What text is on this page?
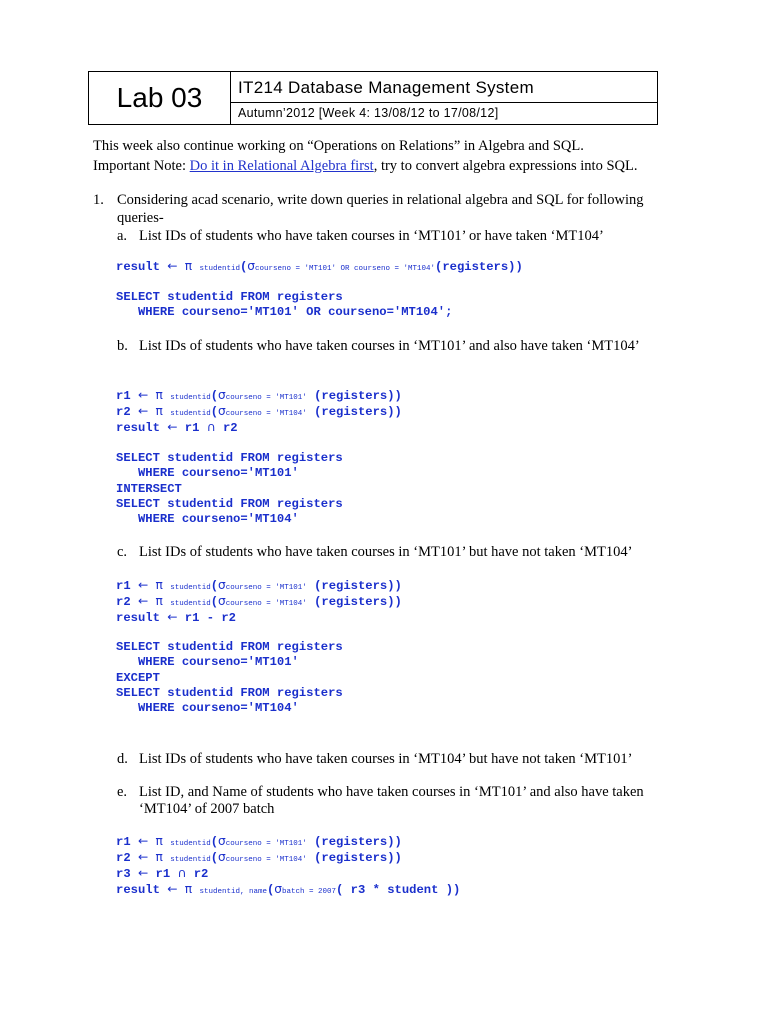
Lab 03	IT214 Database Management System
Autumn’2012 [Week 4: 13/08/12 to 17/08/12]
This week also continue working on “Operations on Relations” in Algebra and SQL.
Important Note: Do it in Relational Algebra first, try to convert algebra expressions into SQL.
1. Considering acad scenario, write down queries in relational algebra and SQL for following
queries-
a. List IDs of students who have taken courses in ‘MT101’ or have taken ‘MT104’
result ← π studentid(σcourseno = 'MT101' OR courseno = 'MT104'(registers))
SELECT studentid FROM registers
WHERE courseno='MT101' OR courseno='MT104';
b. List IDs of students who have taken courses in ‘MT101’ and also have taken ‘MT104’
r1 ← π studentid(σcourseno = 'MT101' (registers))
r2 ← π studentid(σcourseno = 'MT104' (registers))
result ← r1 ∩ r2
SELECT studentid FROM registers
WHERE courseno='MT101'
INTERSECT
SELECT studentid FROM registers
WHERE courseno='MT104'
c. List IDs of students who have taken courses in ‘MT101’ but have not taken ‘MT104’
r1 ← π studentid(σcourseno = 'MT101' (registers))
r2 ← π studentid(σcourseno = 'MT104' (registers))
result ← r1 - r2
SELECT studentid FROM registers
WHERE courseno='MT101'
EXCEPT
SELECT studentid FROM registers
WHERE courseno='MT104'
d. List IDs of students who have taken courses in ‘MT104’ but have not taken ‘MT101’
e. List ID, and Name of students who have taken courses in ‘MT101’ and also have taken
‘MT104’ of 2007 batch
r1 ← π studentid(σcourseno = 'MT101' (registers))
r2 ← π studentid(σcourseno = 'MT104' (registers))
r3 ← r1 ∩ r2
result ← π studentid, name(σbatch = 2007( r3 * student ))
